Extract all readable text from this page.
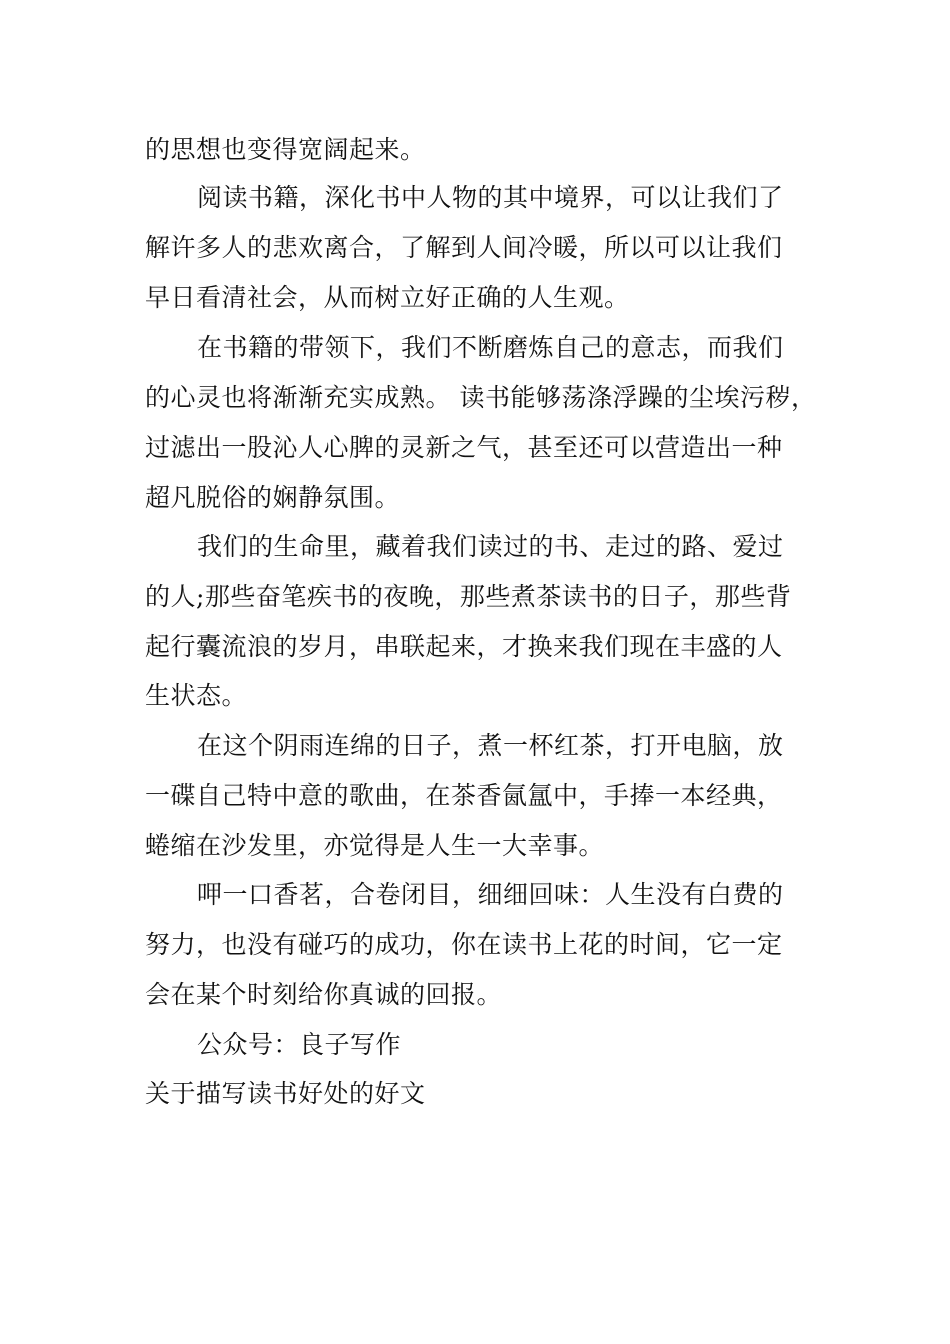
的思想也变得宽阔起来。
阅读书籍，深化书中人物的其中境界，可以让我们了
解许多人的悲欢离合，了解到人间冷暖，所以可以让我们
早日看清社会，从而树立好正确的人生观。
在书籍的带领下，我们不断磨炼自己的意志，而我们
的心灵也将渐渐充实成熟。 读书能够荡涤浮躁的尘埃污秽，
过滤出一股沁人心脾的灵新之气，甚至还可以营造出一种
超凡脱俗的娴静氛围。
我们的生命里，藏着我们读过的书、走过的路、爱过
的人;那些奋笔疾书的夜晚，那些煮茶读书的日子，那些背
起行囊流浪的岁月，串联起来，才换来我们现在丰盛的人
生状态。
在这个阴雨连绵的日子，煮一杯红茶，打开电脑，放
一碟自己特中意的歌曲，在茶香氤氲中，手捧一本经典，
蜷缩在沙发里，亦觉得是人生一大幸事。
呷一口香茗，合卷闭目，细细回味：人生没有白费的
努力，也没有碰巧的成功，你在读书上花的时间，它一定
会在某个时刻给你真诚的回报。
公众号：良子写作
关于描写读书好处的好文
